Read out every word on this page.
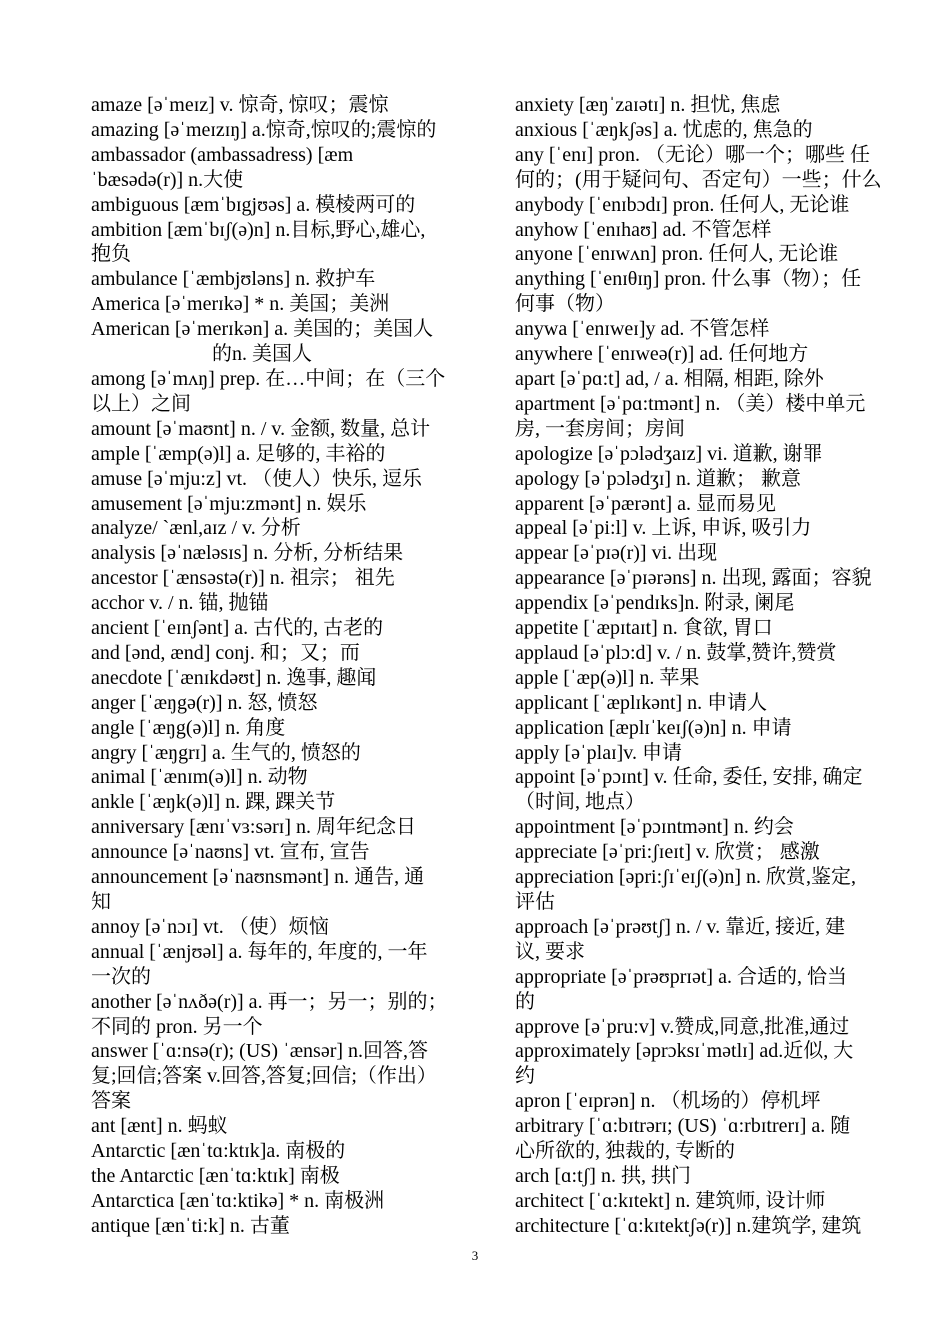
amaze [əˈmeɪz] v. 惊奇, 惊叹；震惊
amazing [əˈmeɪzɪŋ] a.惊奇,惊叹的;震惊的
ambassador (ambassadress) [æm
ˈbæsədə(r)] n.大使
ambiguous [æmˈbɪgjʊəs] a. 模棱两可的
ambition [æmˈbɪʃ(ə)n] n.目标,野心,雄心,
抱负
ambulance [ˈæmbjʊləns] n. 救护车
America [əˈmerɪkə] * n. 美国；美洲
American [əˈmerɪkən] a. 美国的；美国人
的n. 美国人
among [əˈmʌŋ] prep. 在…中间；在（三个
以上）之间
amount [əˈmaʊnt] n. / v. 金额, 数量, 总计
ample [ˈæmp(ə)l] a. 足够的, 丰裕的
amuse [əˈmju:z] vt. （使人）快乐, 逗乐
amusement [əˈmju:zmənt] n. 娱乐
analyze/ `ænl,aɪz / v. 分析
analysis [əˈnæləsɪs] n. 分析, 分析结果
ancestor [ˈænsəstə(r)] n. 祖宗； 祖先
acchor v. / n. 锚, 抛锚
ancient [ˈeɪnʃənt] a. 古代的, 古老的
and [ənd, ænd] conj. 和；又；而
anecdote [ˈænɪkdəʊt] n. 逸事, 趣闻
anger [ˈæŋgə(r)] n. 怒, 愤怒
angle [ˈæŋg(ə)l] n. 角度
angry [ˈæŋgrɪ] a. 生气的, 愤怒的
animal [ˈænɪm(ə)l] n. 动物
ankle [ˈæŋk(ə)l] n. 踝, 踝关节
anniversary [ænɪˈvɜ:sərɪ] n. 周年纪念日
announce [əˈnaʊns] vt. 宣布, 宣告
announcement [əˈnaʊnsmənt] n. 通告, 通
知
annoy [əˈnɔɪ] vt. （使）烦恼
annual [ˈænjʊəl] a. 每年的, 年度的, 一年
一次的
another [əˈnʌðə(r)] a. 再一；另一；别的；
不同的 pron. 另一个
answer [ˈɑ:nsə(r); (US) ˈænsər] n.回答,答
复;回信;答案 v.回答,答复;回信;（作出）
答案
ant [ænt] n. 蚂蚁
Antarctic [ænˈtɑ:ktɪk]a. 南极的
the Antarctic [ænˈtɑ:ktɪk] 南极
Antarctica [ænˈtɑ:ktikə] * n. 南极洲
antique [ænˈti:k] n. 古董
anxiety [æŋˈzaɪətɪ] n. 担忧, 焦虑
anxious [ˈæŋkʃəs] a. 忧虑的, 焦急的
any [ˈenɪ] pron. （无论）哪一个；哪些 任
何的；(用于疑问句、否定句）一些；什么
anybody [ˈenɪbɔdɪ] pron. 任何人, 无论谁
anyhow [ˈenɪhaʊ] ad. 不管怎样
anyone [ˈenɪwʌn] pron. 任何人, 无论谁
anything [ˈenɪθɪŋ] pron. 什么事（物）；任
何事（物）
anywa [ˈenɪweɪ]y ad. 不管怎样
anywhere [ˈenɪweə(r)] ad. 任何地方
apart [əˈpɑ:t] ad, / a. 相隔, 相距, 除外
apartment [əˈpɑ:tmənt] n. （美）楼中单元
房, 一套房间；房间
apologize [əˈpɔlədʒaɪz] vi. 道歉, 谢罪
apology [əˈpɔlədʒɪ] n. 道歉； 歉意
apparent [əˈpærənt] a. 显而易见
appeal [əˈpi:l] v. 上诉, 申诉, 吸引力
appear [əˈpɪə(r)] vi. 出现
appearance [əˈpɪərəns] n. 出现, 露面；容貌
appendix [əˈpendɪks]n. 附录, 阑尾
appetite [ˈæpɪtaɪt] n. 食欲, 胃口
applaud [əˈplɔ:d] v. / n. 鼓掌,赞许,赞赏
apple [ˈæp(ə)l] n. 苹果
applicant [ˈæplɪkənt] n. 申请人
application [æplɪˈkeɪʃ(ə)n] n. 申请
apply [əˈplaɪ]v. 申请
appoint [əˈpɔɪnt] v. 任命, 委任, 安排, 确定
（时间, 地点）
appointment [əˈpɔɪntmənt] n. 约会
appreciate [əˈpri:ʃɪeɪt] v. 欣赏； 感激
appreciation [əpri:ʃɪˈeɪʃ(ə)n] n. 欣赏,鉴定,
评估
approach [əˈprəʊtʃ] n. / v. 靠近, 接近, 建
议, 要求
appropriate [əˈprəʊprɪət] a. 合适的, 恰当
的
approve [əˈpru:v] v.赞成,同意,批准,通过
approximately [əprɔksɪˈmətlɪ] ad.近似, 大
约
apron [ˈeɪprən] n. （机场的）停机坪
arbitrary [ˈɑ:bɪtrərɪ; (US) ˈɑ:rbɪtrerɪ] a. 随
心所欲的, 独裁的, 专断的
arch [ɑ:tʃ] n. 拱, 拱门
architect [ˈɑ:kɪtekt] n. 建筑师, 设计师
architecture [ˈɑ:kɪtektʃə(r)] n.建筑学, 建筑
3
